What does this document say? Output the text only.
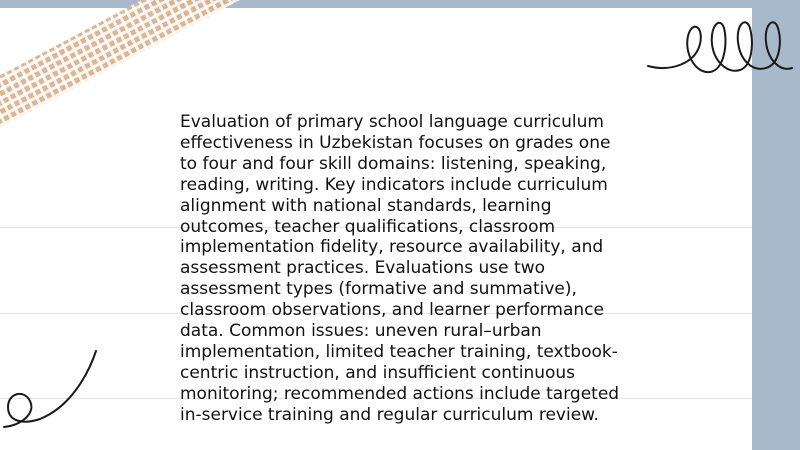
Evaluation of primary school language curriculum effectiveness in Uzbekistan focuses on grades one to four and four skill domains: listening, speaking, reading, writing. Key indicators include curriculum alignment with national standards, learning outcomes, teacher qualifications, classroom implementation fidelity, resource availability, and assessment practices. Evaluations use two assessment types (formative and summative), classroom observations, and learner performance data. Common issues: uneven rural–urban implementation, limited teacher training, textbook-centric instruction, and insufficient continuous monitoring; recommended actions include targeted in-service training and regular curriculum review.
